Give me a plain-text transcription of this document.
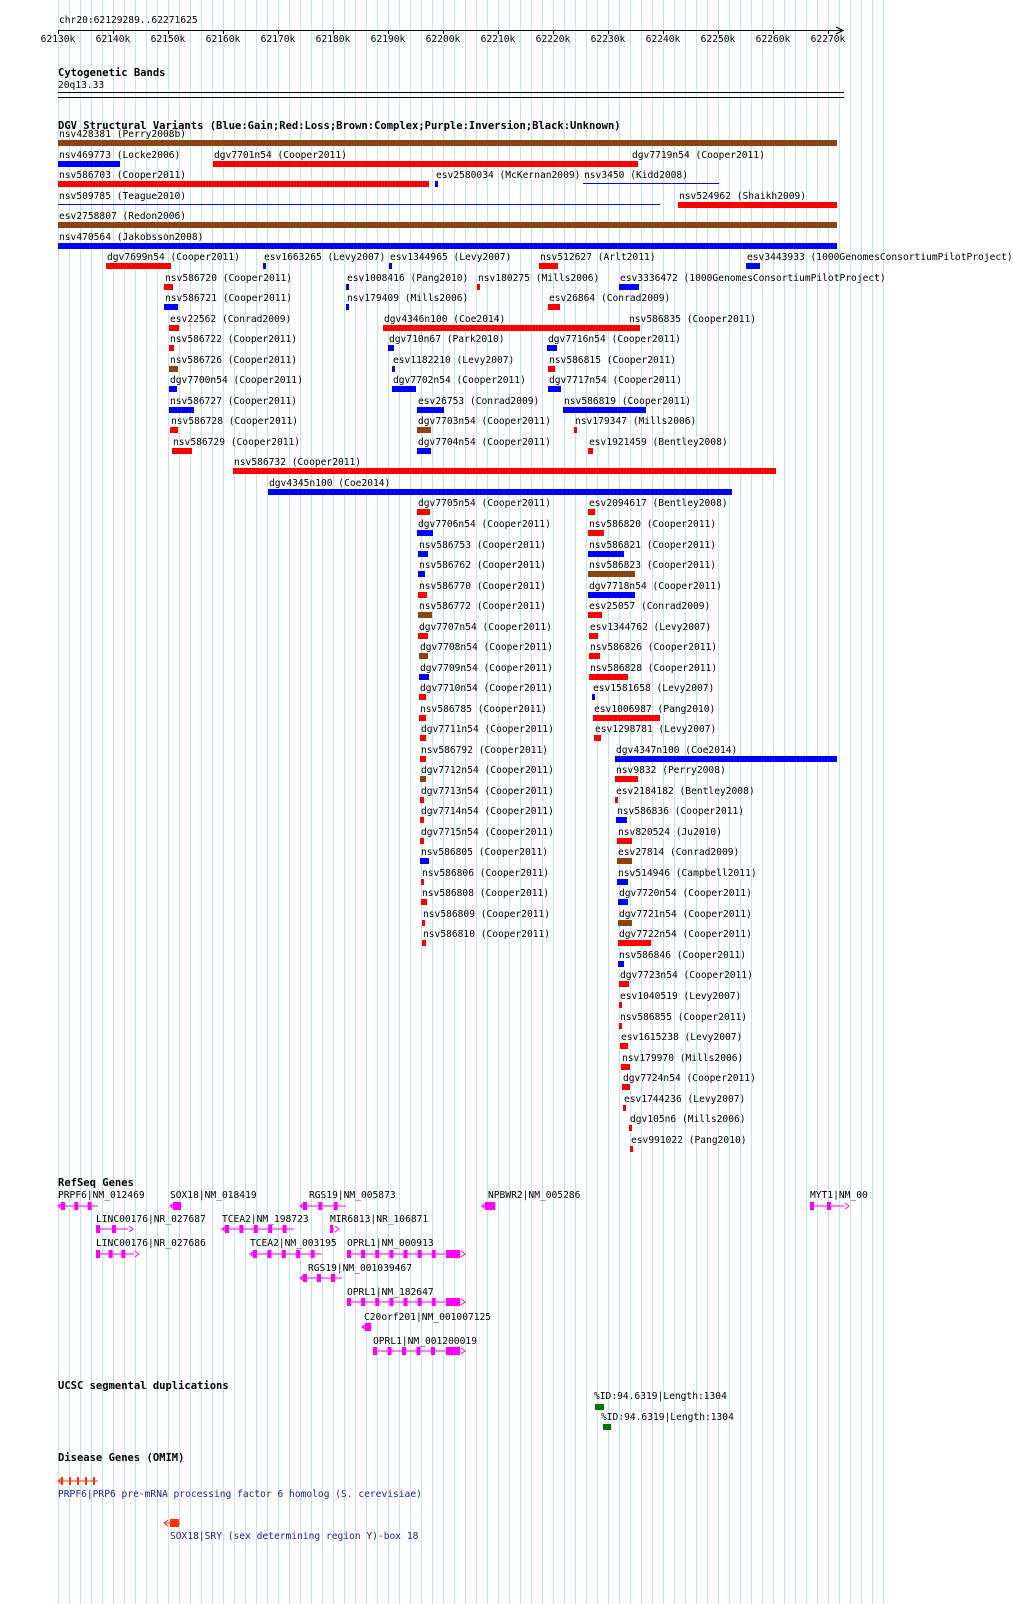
chr20:62129289..62271625
62130k 62140k 62150k 62160k 62170k 62180k 62190k 62200k 62210k 62220k 62230k 62240k 62250k 62260k 62270k
Cytogenetic Bands
20q13.33
DGV Structural Variants (Blue:Gain;Red:Loss;Brown:Complex;Purple:Inversion;Black:Unknown)
nsv428381 (Perry2008b)
nsv469773 (Locke2006)	dgv7701n54 (Cooper2011)	dgv7719n54 (Cooper2011)
nsv586703 (Cooper2011)	esv2580034 (McKernan2009) nsv3450 (Kidd2008)
nsv509785 (Teague2010)	nsv524962 (Shaikh2009)
esv2758807 (Redon2006)
nsv470564 (Jakobsson2008)
dgv7699n54 (Cooper2011)	esv1663265 (Levy2007) esv1344965 (Levy2007)	nsv512627 (Arlt2011)	esv3443933 (1000GenomesConsortiumPilotProject)
nsv586720 (Cooper2011)	esv1008416 (Pang2010) nsv180275 (Mills2006) esv3336472 (1000GenomesConsortiumPilotProject)
nsv586721 (Cooper2011)	nsv179409 (Mills2006)	esv26864 (Conrad2009)
esv22562 (Conrad2009)	dgv4346n100 (Coe2014)	nsv586835 (Cooper2011)
nsv586722 (Cooper2011)	dgv710n67 (Park2010)	dgv7716n54 (Cooper2011)
nsv586726 (Cooper2011)	esv1182210 (Levy2007)	nsv586815 (Cooper2011)
dgv7700n54 (Cooper2011)	dgv7702n54 (Cooper2011) dgv7717n54 (Cooper2011)
nsv586727 (Cooper2011)	esv26753 (Conrad2009)	nsv586819 (Cooper2011)
nsv586728 (Cooper2011)	dgv7703n54 (Cooper2011)	nsv179347 (Mills2006)
nsv586729 (Cooper2011)	dgv7704n54 (Cooper2011)	esv1921459 (Bentley2008)
nsv586732 (Cooper2011)
dgv4345n100 (Coe2014)
dgv7705n54 (Cooper2011)	esv2094617 (Bentley2008)
dgv7706n54 (Cooper2011)	nsv586820 (Cooper2011)
nsv586753 (Cooper2011)	nsv586821 (Cooper2011)
nsv586762 (Cooper2011)	nsv586823 (Cooper2011)
nsv586770 (Cooper2011)	dgv7718n54 (Cooper2011)
nsv586772 (Cooper2011)	esv25057 (Conrad2009)
dgv7707n54 (Cooper2011)	esv1344762 (Levy2007)
dgv7708n54 (Cooper2011)	nsv586826 (Cooper2011)
dgv7709n54 (Cooper2011)	nsv586828 (Cooper2011)
dgv7710n54 (Cooper2011)	esv1581658 (Levy2007)
nsv586785 (Cooper2011)	esv1006987 (Pang2010)
dgv7711n54 (Cooper2011)	esv1298781 (Levy2007)
nsv586792 (Cooper2011)	dgv4347n100 (Coe2014)
dgv7712n54 (Cooper2011)	nsv9832 (Perry2008)
dgv7713n54 (Cooper2011)	esv2184182 (Bentley2008)
dgv7714n54 (Cooper2011)	nsv586836 (Cooper2011)
dgv7715n54 (Cooper2011)	nsv820524 (Ju2010)
nsv586805 (Cooper2011)	esv27814 (Conrad2009)
nsv586806 (Cooper2011)	nsv514946 (Campbell2011)
nsv586808 (Cooper2011)	dgv7720n54 (Cooper2011)
nsv586809 (Cooper2011)	dgv7721n54 (Cooper2011)
nsv586810 (Cooper2011)	dgv7722n54 (Cooper2011)
nsv586846 (Cooper2011)
dgv7723n54 (Cooper2011)
esv1040519 (Levy2007)
nsv586855 (Cooper2011)
esv1615238 (Levy2007)
nsv179970 (Mills2006)
dgv7724n54 (Cooper2011)
esv1744236 (Levy2007)
dgv105n6 (Mills2006)
esv991022 (Pang2010)
RefSeq Genes
PRPF6|NM_012469	SOX18|NM_018419	RGS19|NM_005873	NPBWR2|NM_005286	MYT1|NM_00
LINC00176|NR_027687 TCEA2|NM_198723 MIR6813|NR_106871
LINC00176|NR_027686	TCEA2|NM_003195 OPRL1|NM_000913
RGS19|NM_001039467
OPRL1|NM_182647
C20orf201|NM_001007125
OPRL1|NM_001200019
UCSC segmental duplications
%ID:94.6319|Length:1304
%ID:94.6319|Length:1304
Disease Genes (OMIM)
PRPF6|PRP6 pre-mRNA processing factor 6 homolog (S. cerevisiae)
SOX18|SRY (sex determining region Y)-box 18
